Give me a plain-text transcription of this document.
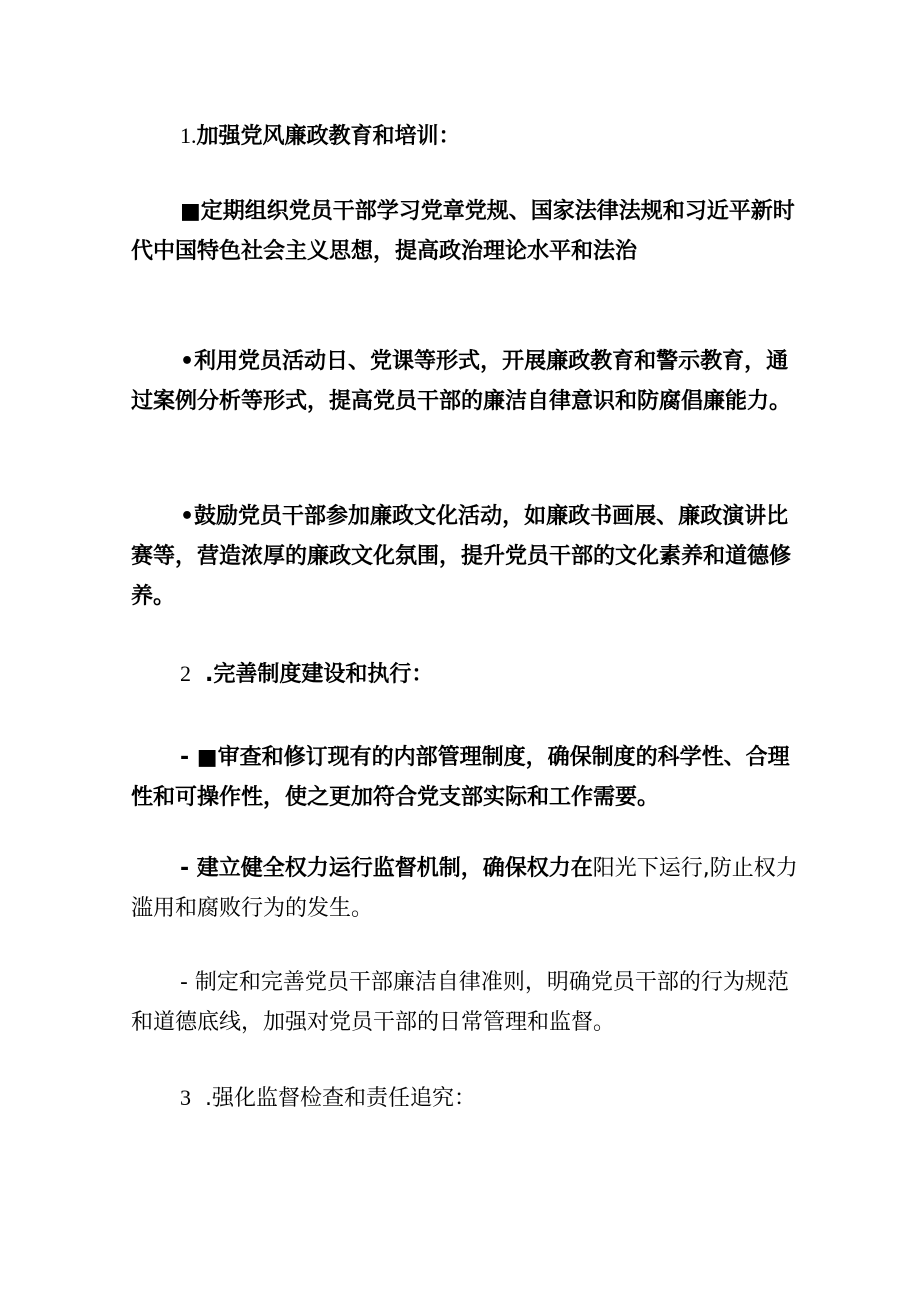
1.加强党风廉政教育和培训：

■定期组织党员干部学习党章党规、国家法律法规和习近平新时代中国特色社会主义思想，提高政治理论水平和法治

•利用党员活动日、党课等形式，开展廉政教育和警示教育，通过案例分析等形式，提高党员干部的廉洁自律意识和防腐倡廉能力。

•鼓励党员干部参加廉政文化活动，如廉政书画展、廉政演讲比赛等，营造浓厚的廉政文化氛围，提升党员干部的文化素养和道德修养。

2 .完善制度建设和执行：

- ■审查和修订现有的内部管理制度，确保制度的科学性、合理性和可操作性，使之更加符合党支部实际和工作需要。

- 建立健全权力运行监督机制，确保权力在阳光下运行,防止权力滥用和腐败行为的发生。

- 制定和完善党员干部廉洁自律准则，明确党员干部的行为规范和道德底线，加强对党员干部的日常管理和监督。

3 .强化监督检查和责任追究：
